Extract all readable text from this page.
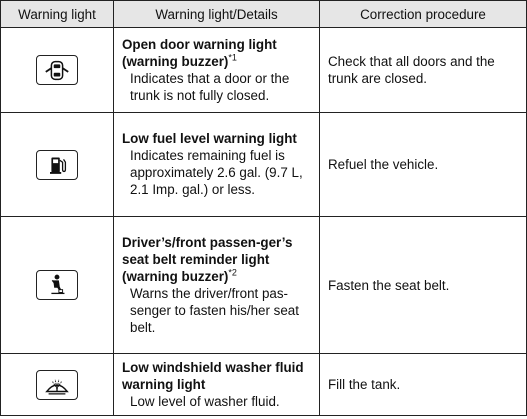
Warning light	Warning light/Details	Correction procedure

Open door warning light (warning buzzer)$^{*1}$
Indicates that a door or the trunk is not fully closed.	Check that all doors and the trunk are closed.

Low fuel level warning light
Indicates remaining fuel is approximately 2.6 gal. (9.7 L, 2.1 Imp. gal.) or less.	Refuel the vehicle.

Driver’s/front passen-ger’s seat belt reminder light (warning buzzer)$^{*2}$
Warns the driver/front pas-senger to fasten his/her seat belt.	Fasten the seat belt.

Low windshield washer fluid warning light
Low level of washer fluid.	Fill the tank.
